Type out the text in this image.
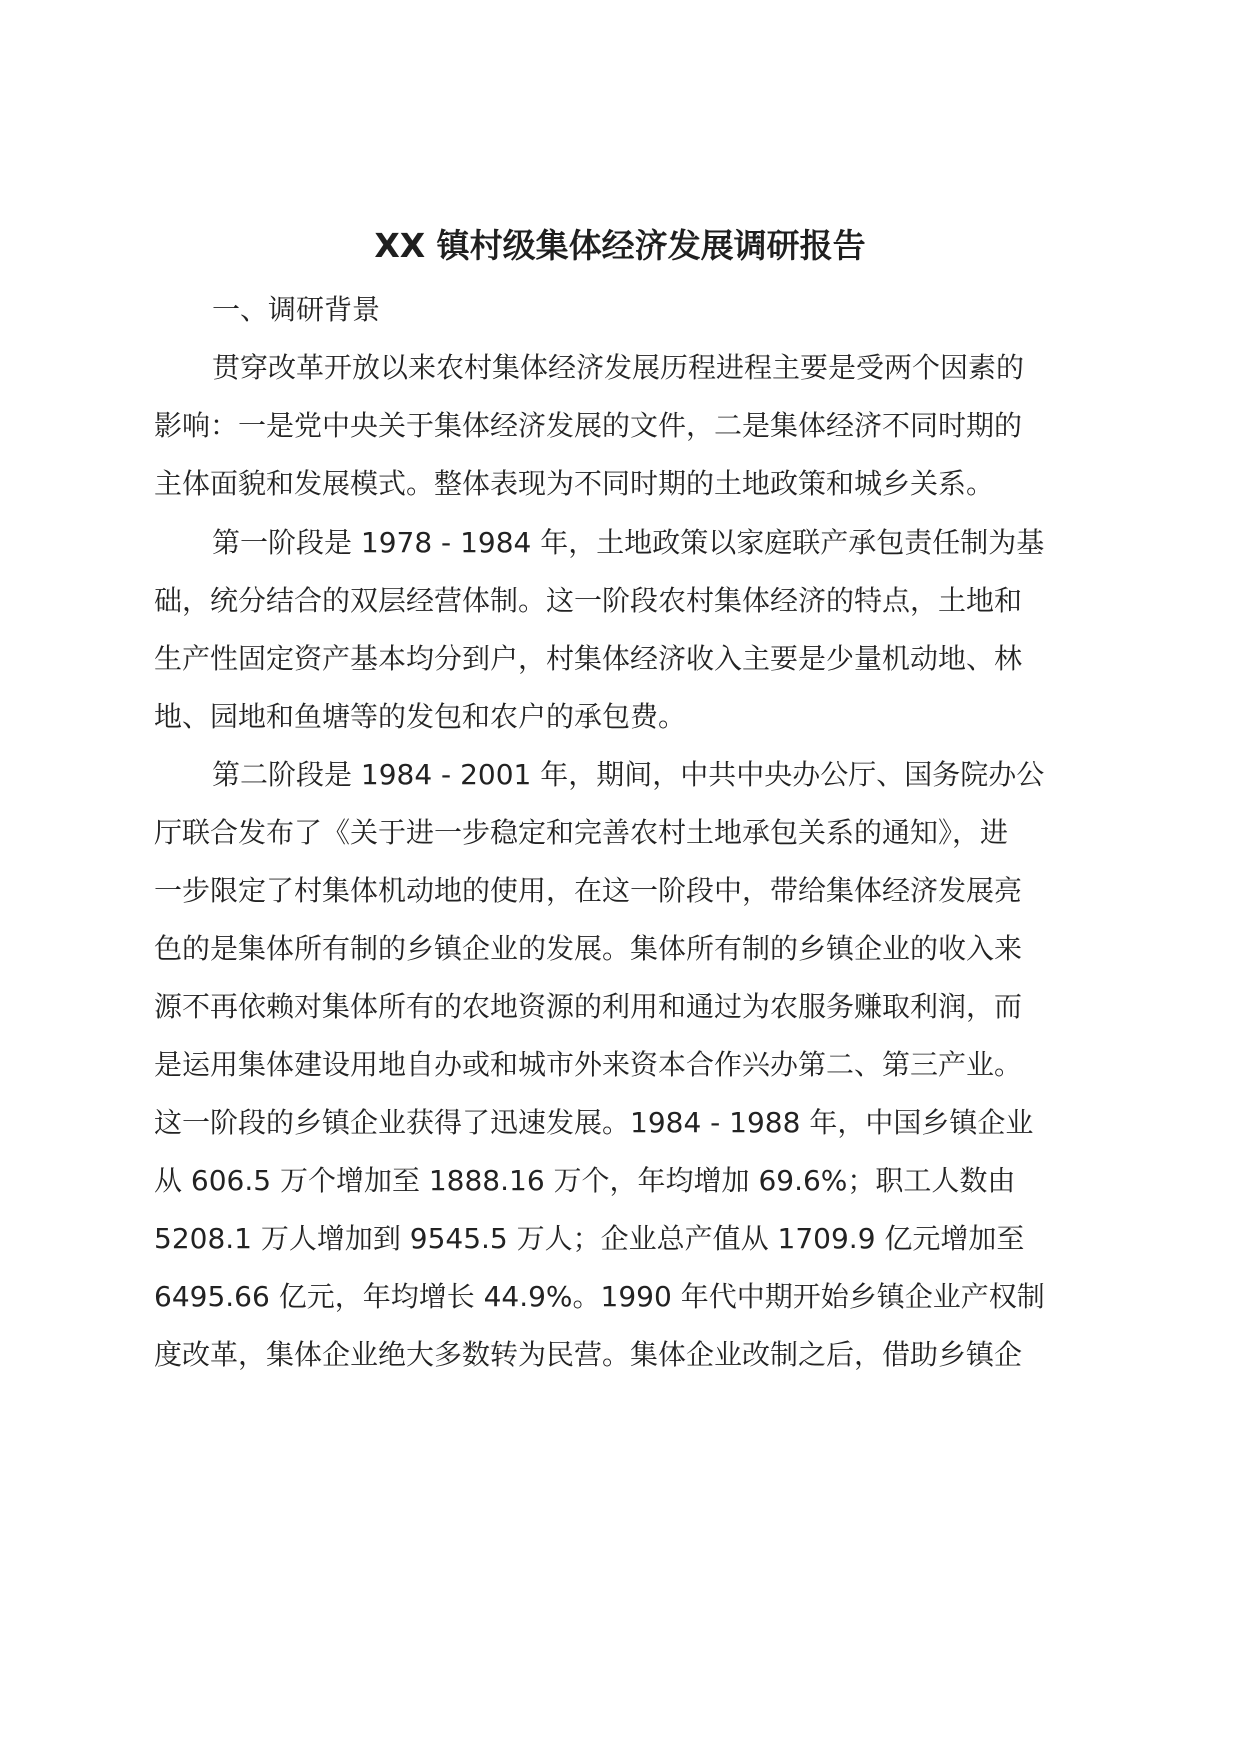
XX 镇村级集体经济发展调研报告
一、调研背景

贯穿改革开放以来农村集体经济发展历程进程主要是受两个因素的

影响：一是党中央关于集体经济发展的文件，二是集体经济不同时期的

主体面貌和发展模式。整体表现为不同时期的土地政策和城乡关系。

第一阶段是 1978 - 1984 年，土地政策以家庭联产承包责任制为基

础，统分结合的双层经营体制。这一阶段农村集体经济的特点，土地和

生产性固定资产基本均分到户，村集体经济收入主要是少量机动地、林

地、园地和鱼塘等的发包和农户的承包费。

第二阶段是 1984 - 2001 年，期间，中共中央办公厅、国务院办公

厅联合发布了《关于进一步稳定和完善农村土地承包关系的通知》，进

一步限定了村集体机动地的使用，在这一阶段中，带给集体经济发展亮

色的是集体所有制的乡镇企业的发展。集体所有制的乡镇企业的收入来

源不再依赖对集体所有的农地资源的利用和通过为农服务赚取利润，而

是运用集体建设用地自办或和城市外来资本合作兴办第二、第三产业。

这一阶段的乡镇企业获得了迅速发展。1984 - 1988 年，中国乡镇企业

从 606.5 万个增加至 1888.16 万个，年均增加 69.6%；职工人数由

5208.1 万人增加到 9545.5 万人；企业总产值从 1709.9 亿元增加至

6495.66 亿元，年均增长 44.9%。1990 年代中期开始乡镇企业产权制

度改革，集体企业绝大多数转为民营。集体企业改制之后，借助乡镇企
